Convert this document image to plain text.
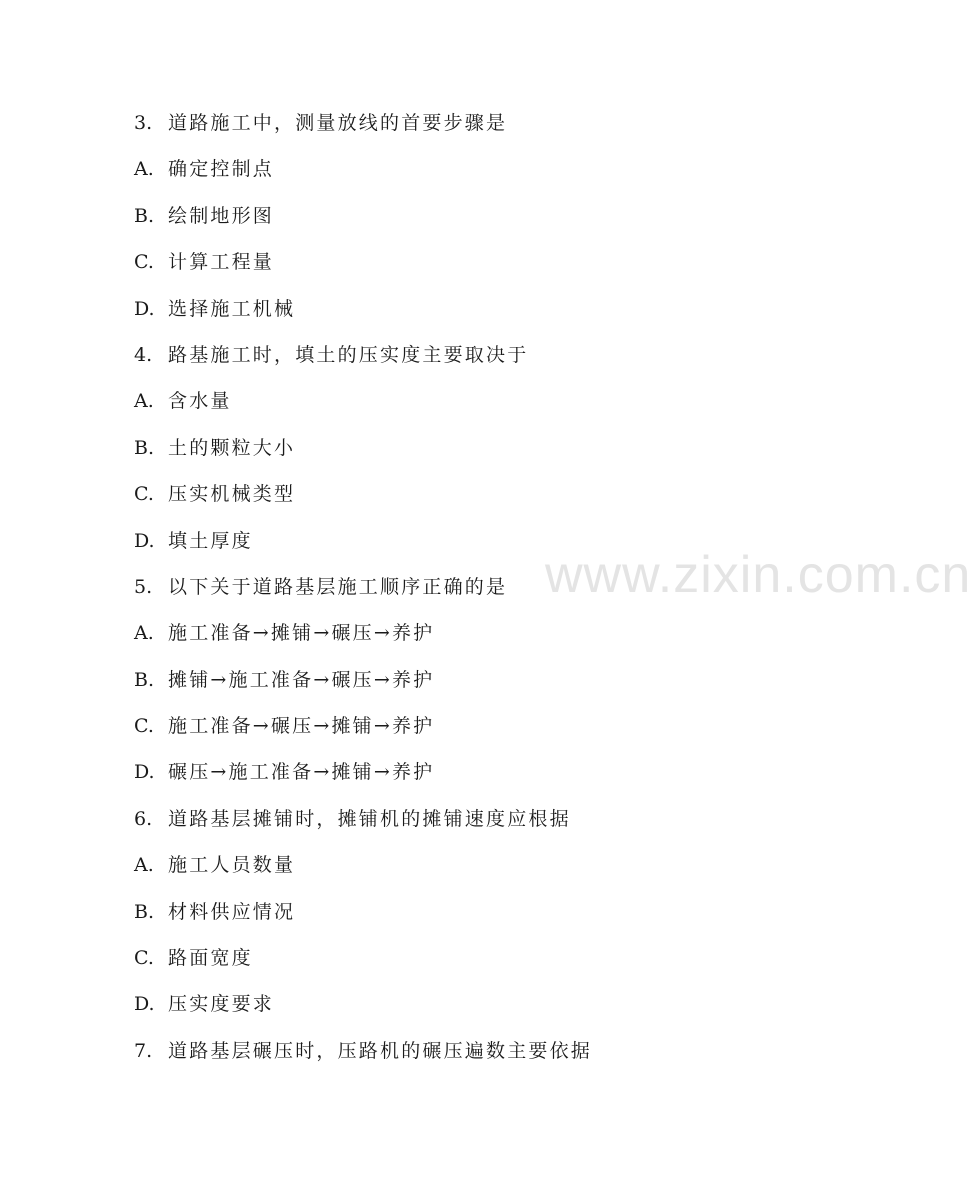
www.zixin.com.cn
3. 道路施工中，测量放线的首要步骤是
A. 确定控制点
B. 绘制地形图
C. 计算工程量
D. 选择施工机械
4. 路基施工时，填土的压实度主要取决于
A. 含水量
B. 土的颗粒大小
C. 压实机械类型
D. 填土厚度
5. 以下关于道路基层施工顺序正确的是
A. 施工准备→摊铺→碾压→养护
B. 摊铺→施工准备→碾压→养护
C. 施工准备→碾压→摊铺→养护
D. 碾压→施工准备→摊铺→养护
6. 道路基层摊铺时，摊铺机的摊铺速度应根据
A. 施工人员数量
B. 材料供应情况
C. 路面宽度
D. 压实度要求
7. 道路基层碾压时，压路机的碾压遍数主要依据
